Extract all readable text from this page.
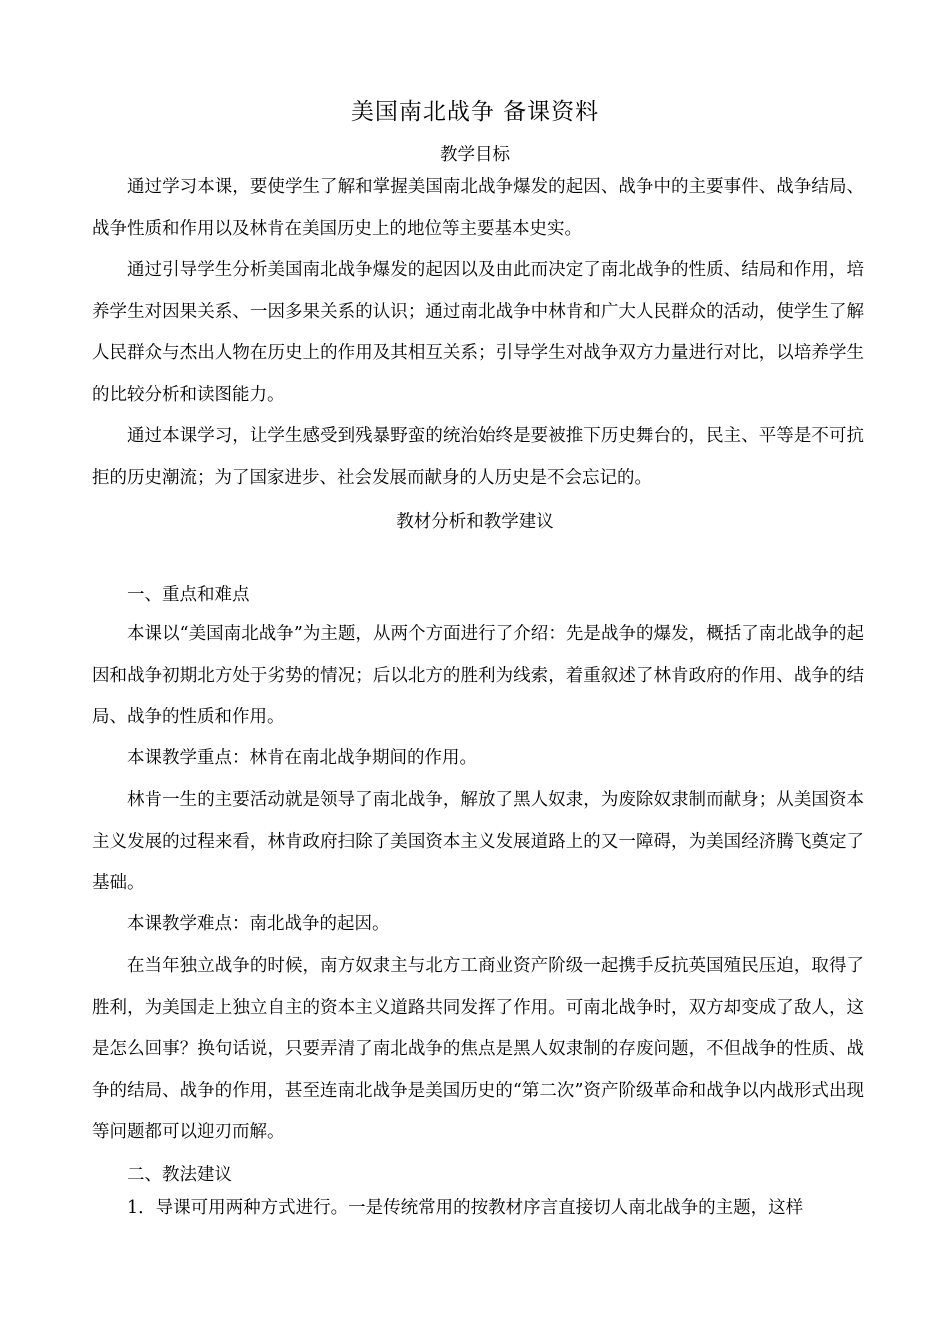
美国南北战争 备课资料
教学目标

通过学习本课，要使学生了解和掌握美国南北战争爆发的起因、战争中的主要事件、战争结局、战争性质和作用以及林肯在美国历史上的地位等主要基本史实。

通过引导学生分析美国南北战争爆发的起因以及由此而决定了南北战争的性质、结局和作用，培养学生对因果关系、一因多果关系的认识；通过南北战争中林肯和广大人民群众的活动，使学生了解人民群众与杰出人物在历史上的作用及其相互关系；引导学生对战争双方力量进行对比，以培养学生的比较分析和读图能力。

通过本课学习，让学生感受到残暴野蛮的统治始终是要被推下历史舞台的，民主、平等是不可抗拒的历史潮流；为了国家进步、社会发展而献身的人历史是不会忘记的。

教材分析和教学建议
一、重点和难点

本课以“美国南北战争”为主题，从两个方面进行了介绍：先是战争的爆发，概括了南北战争的起因和战争初期北方处于劣势的情况；后以北方的胜利为线索，着重叙述了林肯政府的作用、战争的结局、战争的性质和作用。

本课教学重点：林肯在南北战争期间的作用。

林肯一生的主要活动就是领导了南北战争，解放了黑人奴隶，为废除奴隶制而献身；从美国资本主义发展的过程来看，林肯政府扫除了美国资本主义发展道路上的又一障碍，为美国经济腾飞奠定了基础。

本课教学难点：南北战争的起因。

在当年独立战争的时候，南方奴隶主与北方工商业资产阶级一起携手反抗英国殖民压迫，取得了胜利，为美国走上独立自主的资本主义道路共同发挥了作用。可南北战争时，双方却变成了敌人，这是怎么回事？换句话说，只要弄清了南北战争的焦点是黑人奴隶制的存废问题，不但战争的性质、战争的结局、战争的作用，甚至连南北战争是美国历史的“第二次”资产阶级革命和战争以内战形式出现等问题都可以迎刃而解。

二、教法建议

1．导课可用两种方式进行。一是传统常用的按教材序言直接切人南北战争的主题，这样
